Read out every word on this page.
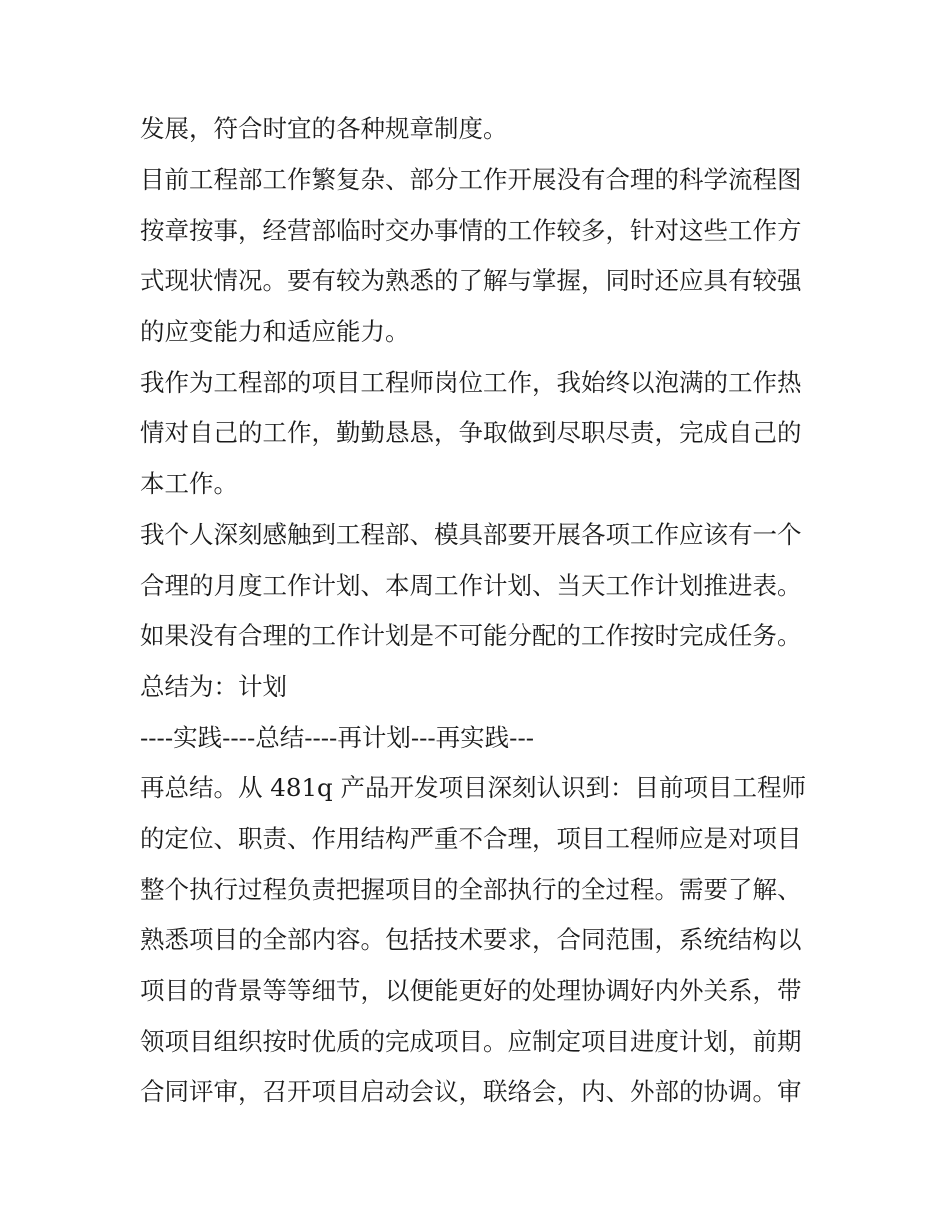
发展，符合时宜的各种规章制度。
目前工程部工作繁复杂、部分工作开展没有合理的科学流程图
按章按事，经营部临时交办事情的工作较多，针对这些工作方
式现状情况。要有较为熟悉的了解与掌握，同时还应具有较强
的应变能力和适应能力。
我作为工程部的项目工程师岗位工作，我始终以泡满的工作热
情对自己的工作，勤勤恳恳，争取做到尽职尽责，完成自己的
本工作。
我个人深刻感触到工程部、模具部要开展各项工作应该有一个
合理的月度工作计划、本周工作计划、当天工作计划推进表。
如果没有合理的工作计划是不可能分配的工作按时完成任务。
总结为：计划
----实践----总结----再计划---再实践---
再总结。从 481q 产品开发项目深刻认识到：目前项目工程师
的定位、职责、作用结构严重不合理，项目工程师应是对项目
整个执行过程负责把握项目的全部执行的全过程。需要了解、
熟悉项目的全部内容。包括技术要求，合同范围，系统结构以
项目的背景等等细节，以便能更好的处理协调好内外关系，带
领项目组织按时优质的完成项目。应制定项目进度计划，前期
合同评审，召开项目启动会议，联络会，内、外部的协调。审
